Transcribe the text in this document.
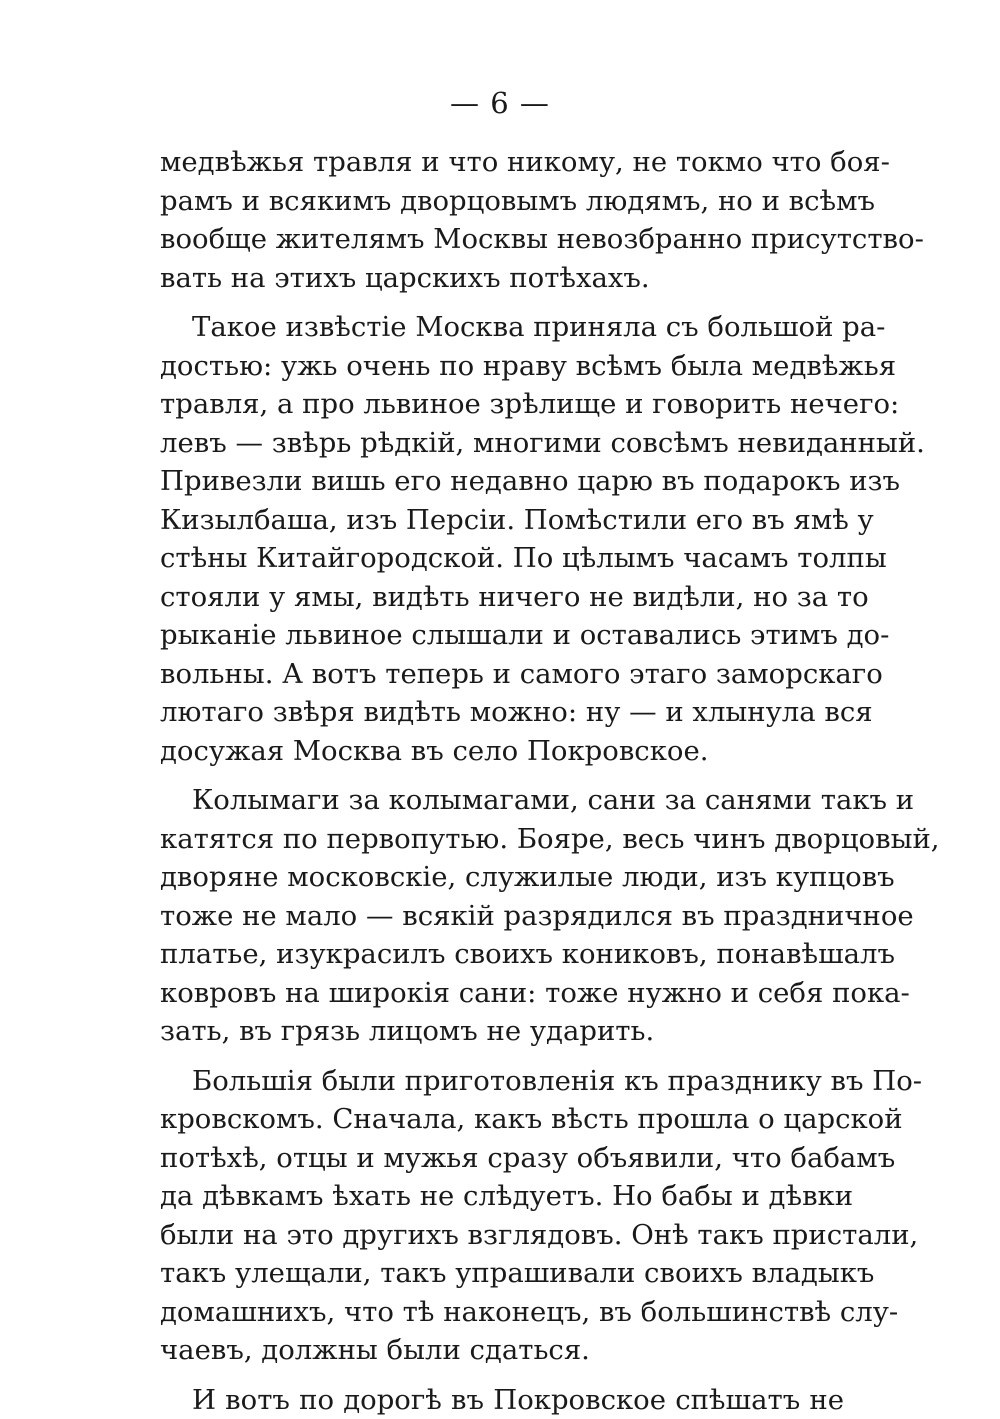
— 6 —
медвѣжья травля и что никому, не токмо что боя-
рамъ и всякимъ дворцовымъ людямъ, но и всѣмъ
вообще жителямъ Москвы невозбранно присутство-
вать на этихъ царскихъ потѣхахъ.
Такое извѣстіе Москва приняла съ большой ра-
достью: ужь очень по нраву всѣмъ была медвѣжья
травля, а про львиное зрѣлище и говорить нечего:
левъ — звѣрь рѣдкій, многими совсѣмъ невиданный.
Привезли вишь его недавно царю въ подарокъ изъ
Кизылбаша, изъ Персіи. Помѣстили его въ ямѣ у
стѣны Китайгородской. По цѣлымъ часамъ толпы
стояли у ямы, видѣть ничего не видѣли, но за то
рыканіе львиное слышали и оставались этимъ до-
вольны. А вотъ теперь и самого этаго заморскаго
лютаго звѣря видѣть можно: ну — и хлынула вся
досужая Москва въ село Покровское.
Колымаги за колымагами, сани за санями такъ и
катятся по первопутью. Бояре, весь чинъ дворцовый,
дворяне московскіе, служилые люди, изъ купцовъ
тоже не мало — всякій разрядился въ праздничное
платье, изукрасилъ своихъ кониковъ, понавѣшалъ
ковровъ на широкія сани: тоже нужно и себя пока-
зать, въ грязь лицомъ не ударить.
Большія были приготовленія къ празднику въ По-
кровскомъ. Сначала, какъ вѣсть прошла о царской
потѣхѣ, отцы и мужья сразу объявили, что бабамъ
да дѣвкамъ ѣхать не слѣдуетъ. Но бабы и дѣвки
были на это другихъ взглядовъ. Онѣ такъ пристали,
такъ улещали, такъ упрашивали своихъ владыкъ
домашнихъ, что тѣ наконецъ, въ большинствѣ слу-
чаевъ, должны были сдаться.
И вотъ по дорогѣ въ Покровское спѣшатъ не
